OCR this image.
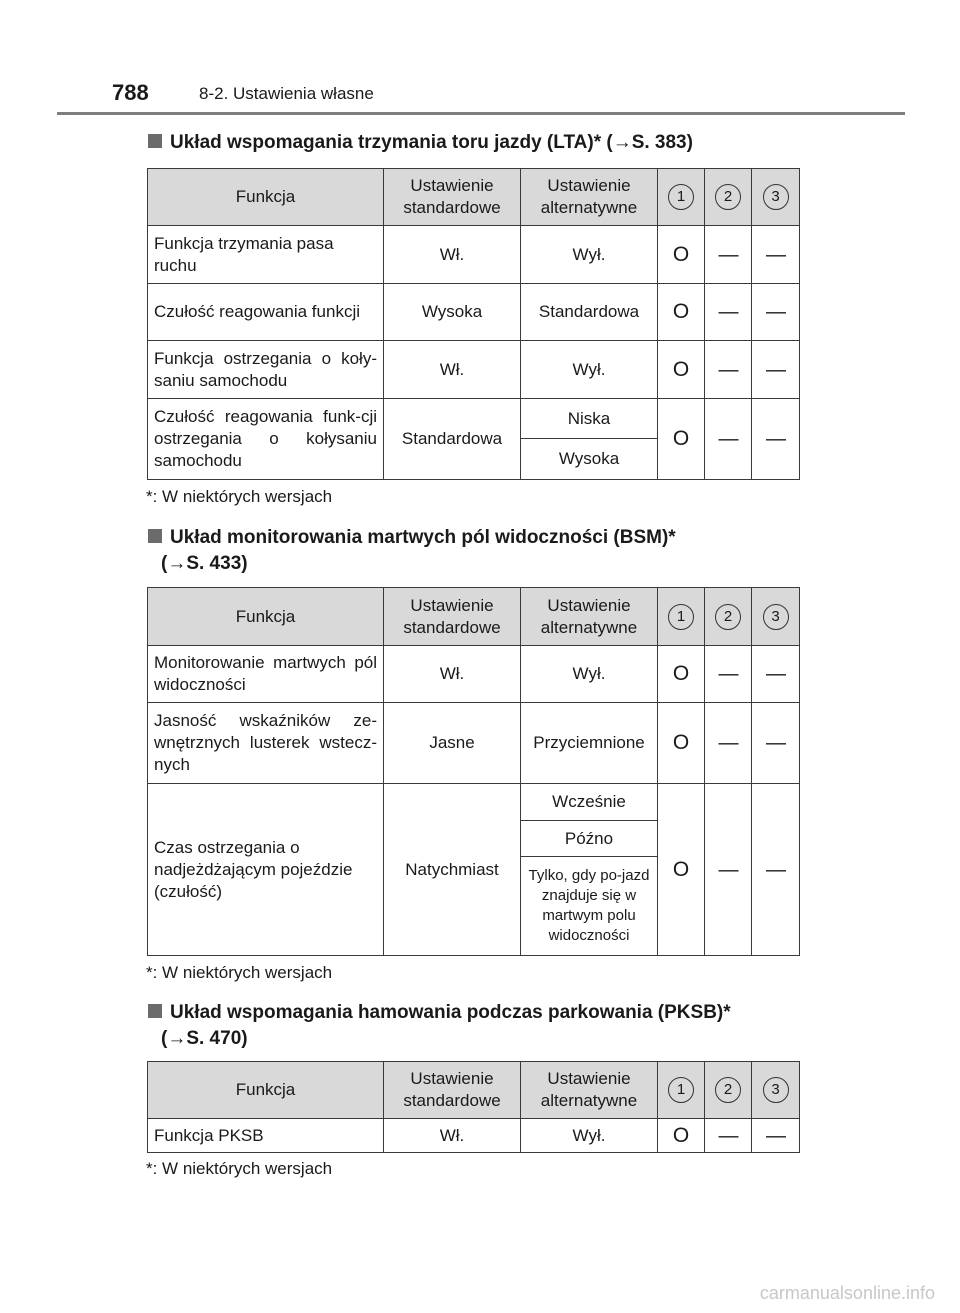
788	8-2. Ustawienia własne
Układ wspomagania trzymania toru jazdy (LTA)* (→S. 383)
Funkcja	Ustawienie standardowe	Ustawienie alternatywne	1	2	3
Funkcja trzymania pasa ruchu	Wł.	Wył.	O	—	—
Czułość reagowania funkcji	Wysoka	Standardowa	O	—	—
Funkcja ostrzegania o koły-saniu samochodu	Wł.	Wył.	O	—	—
Czułość reagowania funk-cji ostrzegania o kołysaniu samochodu	Standardowa	Niska	O	—	—
		Wysoka			
*: W niektórych wersjach
Układ monitorowania martwych pól widoczności (BSM)*
(→S. 433)
Funkcja	Ustawienie standardowe	Ustawienie alternatywne	1	2	3
Monitorowanie martwych pól widoczności	Wł.	Wył.	O	—	—
Jasność wskaźników ze-wnętrznych lusterek wstecz-nych	Jasne	Przyciemnione	O	—	—
Czas ostrzegania o nadjeżdżającym pojeździe (czułość)	Natychmiast	Wcześnie	O	—	—
		Późno			
		Tylko, gdy po-jazd znajduje się w martwym polu widoczności			
*: W niektórych wersjach
Układ wspomagania hamowania podczas parkowania (PKSB)*
(→S. 470)
Funkcja	Ustawienie standardowe	Ustawienie alternatywne	1	2	3
Funkcja PKSB	Wł.	Wył.	O	—	—
*: W niektórych wersjach
carmanualsonline.info
